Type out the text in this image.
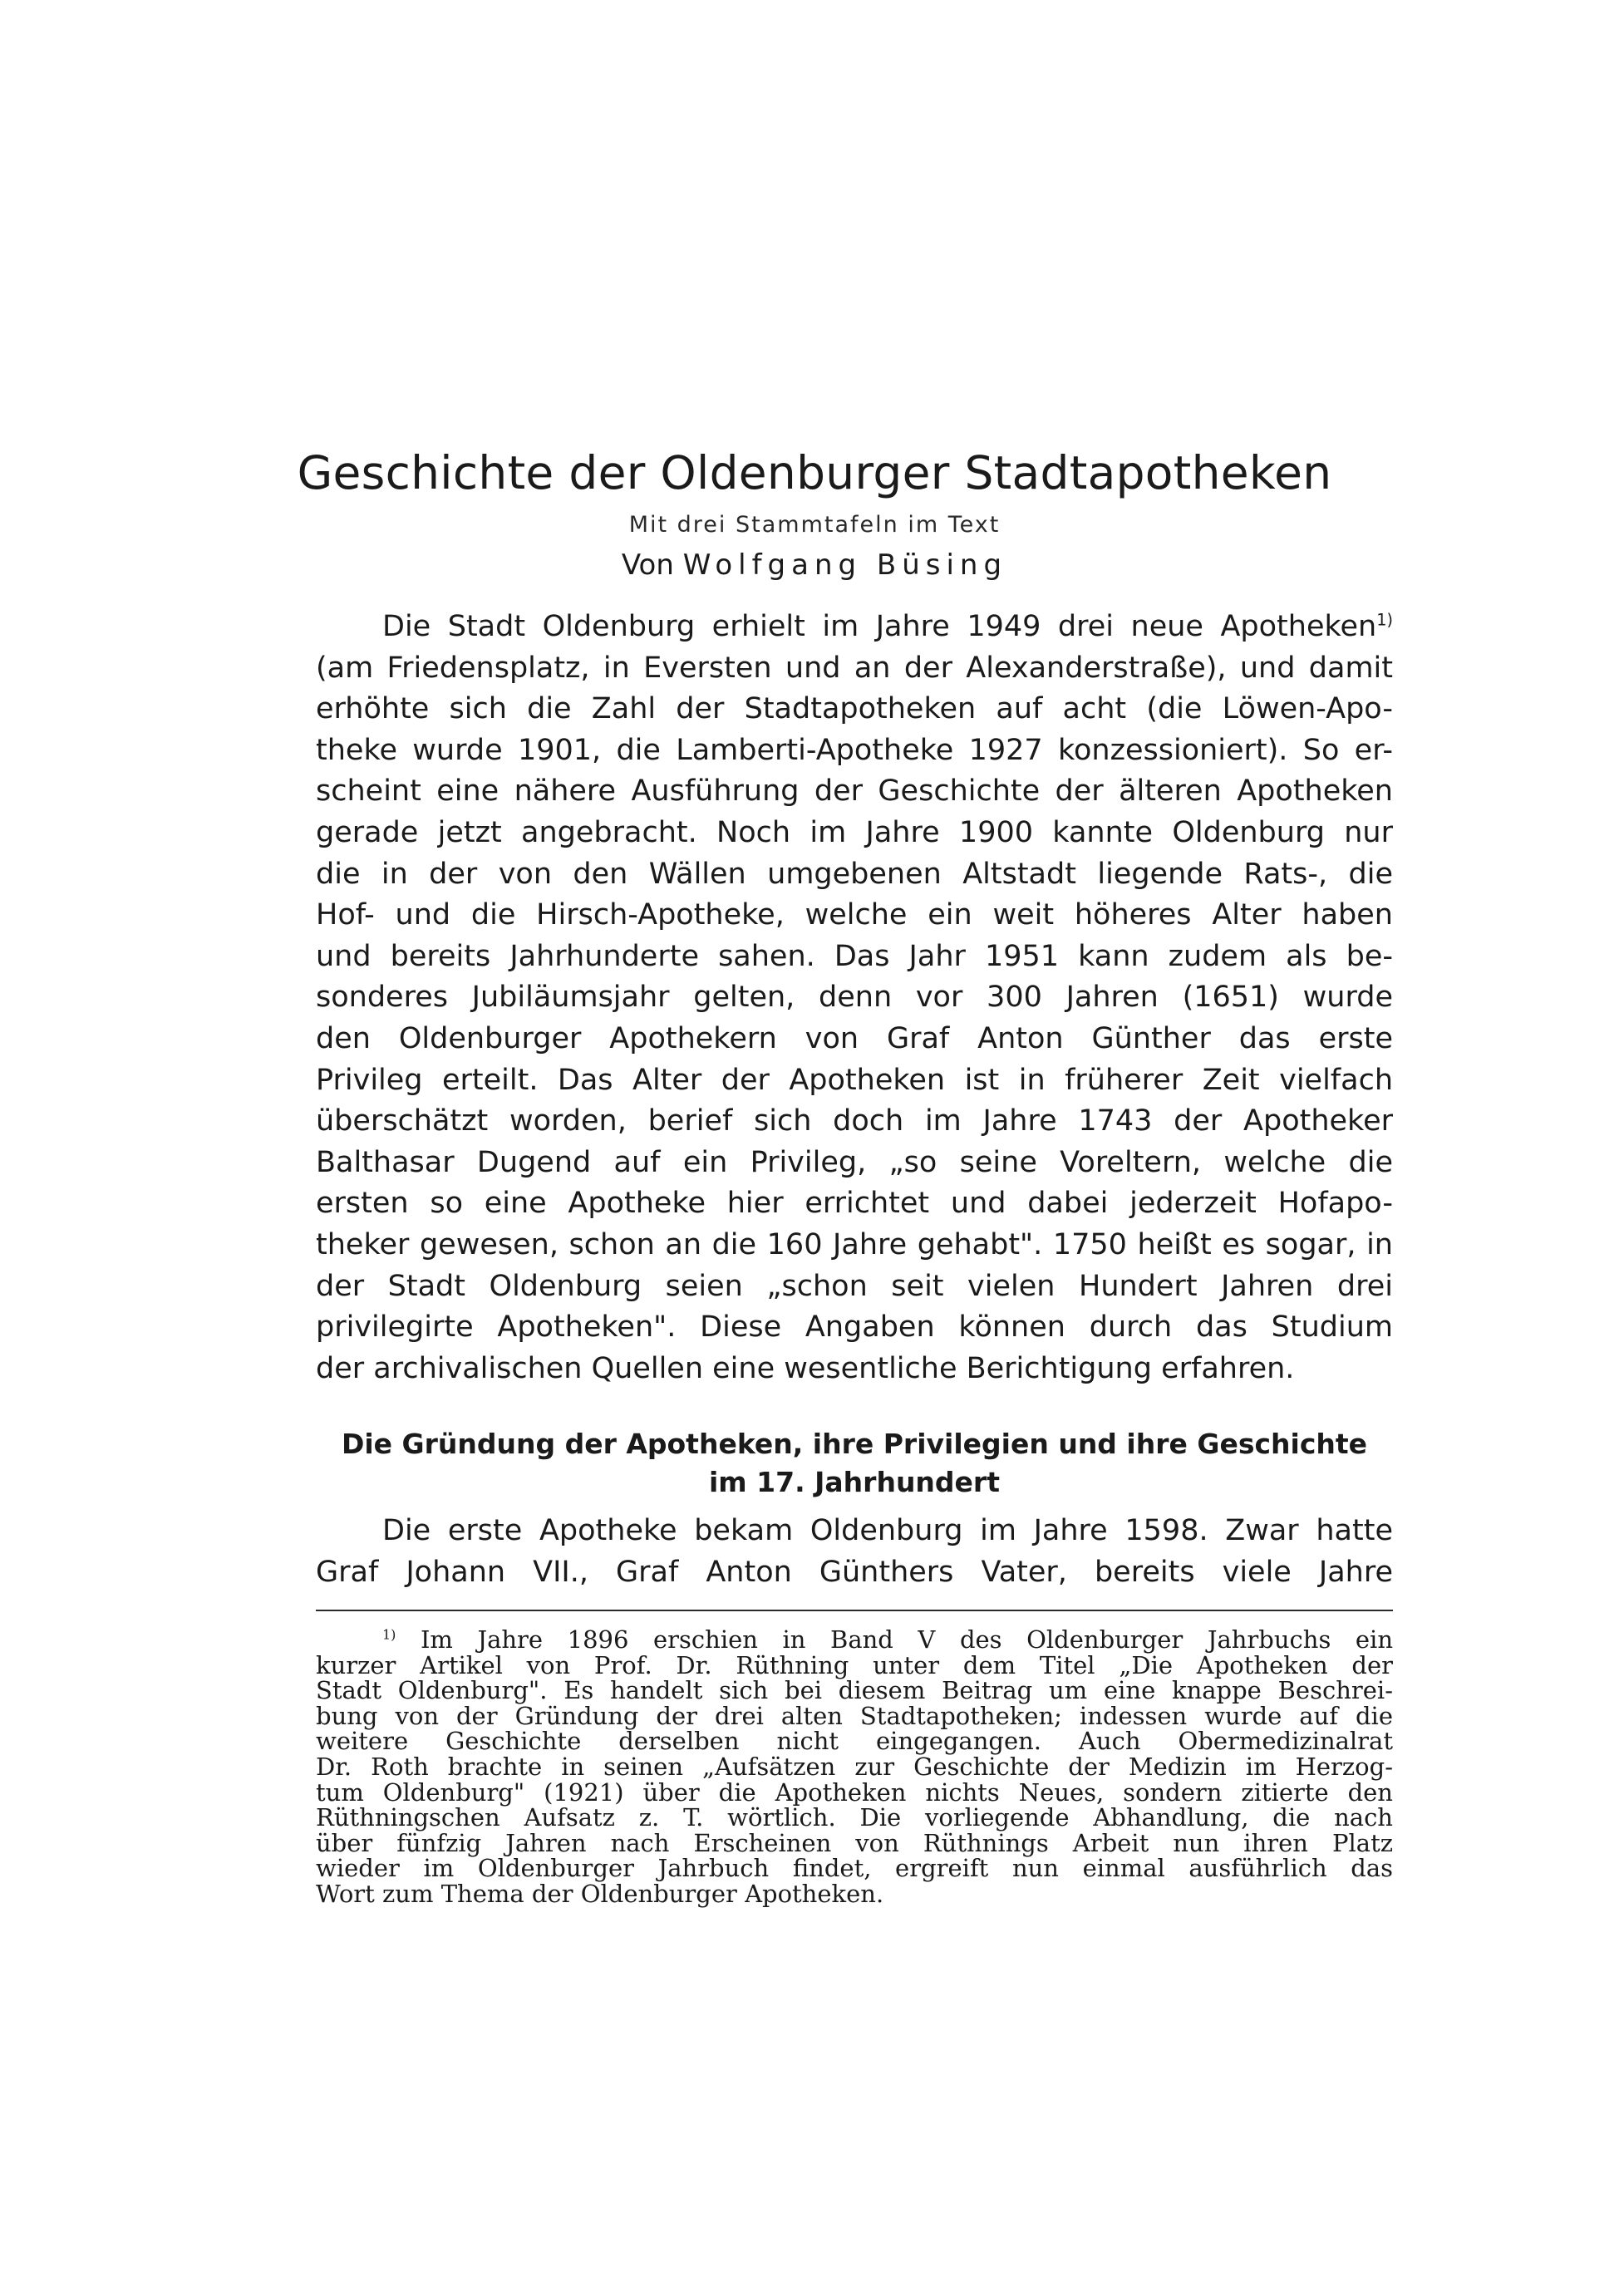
Geschichte der Oldenburger Stadtapotheken
Mit drei Stammtafeln im Text
Von Wolfgang Büsing
Die Stadt Oldenburg erhielt im Jahre 1949 drei neue Apotheken$^{1)}$
(am Friedensplatz, in Eversten und an der Alexanderstraße), und damit
erhöhte sich die Zahl der Stadtapotheken auf acht (die Löwen-Apo-
theke wurde 1901, die Lamberti-Apotheke 1927 konzessioniert). So er-
scheint eine nähere Ausführung der Geschichte der älteren Apotheken
gerade jetzt angebracht. Noch im Jahre 1900 kannte Oldenburg nur
die in der von den Wällen umgebenen Altstadt liegende Rats-, die
Hof- und die Hirsch-Apotheke, welche ein weit höheres Alter haben
und bereits Jahrhunderte sahen. Das Jahr 1951 kann zudem als be-
sonderes Jubiläumsjahr gelten, denn vor 300 Jahren (1651) wurde
den Oldenburger Apothekern von Graf Anton Günther das erste
Privileg erteilt. Das Alter der Apotheken ist in früherer Zeit vielfach
überschätzt worden, berief sich doch im Jahre 1743 der Apotheker
Balthasar Dugend auf ein Privileg, „so seine Voreltern, welche die
ersten so eine Apotheke hier errichtet und dabei jederzeit Hofapo-
theker gewesen, schon an die 160 Jahre gehabt". 1750 heißt es sogar, in
der Stadt Oldenburg seien „schon seit vielen Hundert Jahren drei
privilegirte Apotheken". Diese Angaben können durch das Studium
der archivalischen Quellen eine wesentliche Berichtigung erfahren.
Die Gründung der Apotheken, ihre Privilegien und ihre Geschichte
im 17. Jahrhundert
Die erste Apotheke bekam Oldenburg im Jahre 1598. Zwar hatte
Graf Johann VII., Graf Anton Günthers Vater, bereits viele Jahre
$^{1)}$ Im Jahre 1896 erschien in Band V des Oldenburger Jahrbuchs ein
kurzer Artikel von Prof. Dr. Rüthning unter dem Titel „Die Apotheken der
Stadt Oldenburg". Es handelt sich bei diesem Beitrag um eine knappe Beschrei-
bung von der Gründung der drei alten Stadtapotheken; indessen wurde auf die
weitere Geschichte derselben nicht eingegangen. Auch Obermedizinalrat
Dr. Roth brachte in seinen „Aufsätzen zur Geschichte der Medizin im Herzog-
tum Oldenburg" (1921) über die Apotheken nichts Neues, sondern zitierte den
Rüthningschen Aufsatz z. T. wörtlich. Die vorliegende Abhandlung, die nach
über fünfzig Jahren nach Erscheinen von Rüthnings Arbeit nun ihren Platz
wieder im Oldenburger Jahrbuch findet, ergreift nun einmal ausführlich das
Wort zum Thema der Oldenburger Apotheken.
